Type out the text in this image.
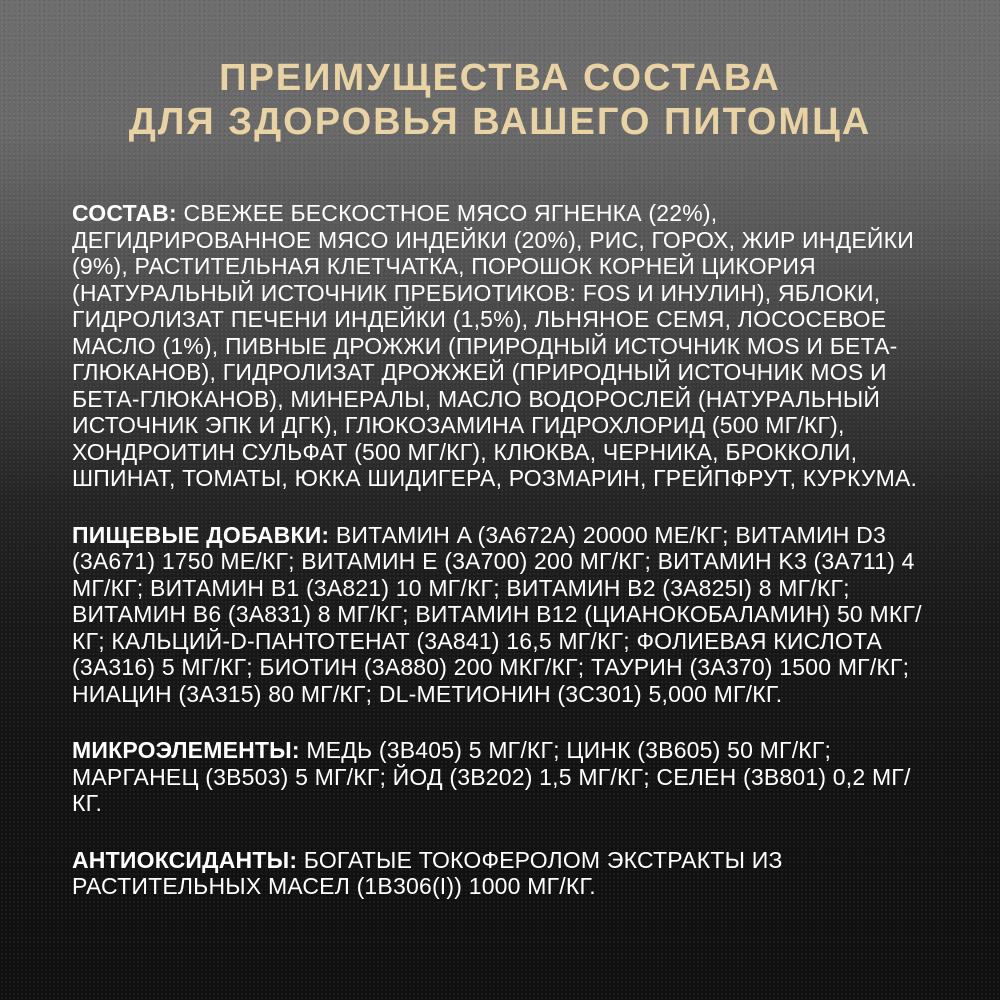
ПРЕИМУЩЕСТВА СОСТАВА
ДЛЯ ЗДОРОВЬЯ ВАШЕГО ПИТОМЦА

СОСТАВ: СВЕЖЕЕ БЕСКОСТНОЕ МЯСО ЯГНЕНКА (22%), ДЕГИДРИРОВАННОЕ МЯСО ИНДЕЙКИ (20%), РИС, ГОРОХ, ЖИР ИНДЕЙКИ (9%), РАСТИТЕЛЬНАЯ КЛЕТЧАТКА, ПОРОШОК КОРНЕЙ ЦИКОРИЯ (НАТУРАЛЬНЫЙ ИСТОЧНИК ПРЕБИОТИКОВ: FOS И ИНУЛИН), ЯБЛОКИ, ГИДРОЛИЗАТ ПЕЧЕНИ ИНДЕЙКИ (1,5%), ЛЬНЯНОЕ СЕМЯ, ЛОСОСЕВОЕ МАСЛО (1%), ПИВНЫЕ ДРОЖЖИ (ПРИРОДНЫЙ ИСТОЧНИК MOS И БЕТА-ГЛЮКАНОВ), ГИДРОЛИЗАТ ДРОЖЖЕЙ (ПРИРОДНЫЙ ИСТОЧНИК MOS И БЕТА-ГЛЮКАНОВ), МИНЕРАЛЫ, МАСЛО ВОДОРОСЛЕЙ (НАТУРАЛЬНЫЙ ИСТОЧНИК ЭПК И ДГК), ГЛЮКОЗАМИНА ГИДРОХЛОРИД (500 МГ/КГ), ХОНДРОИТИН СУЛЬФАТ (500 МГ/КГ), КЛЮКВА, ЧЕРНИКА, БРОККОЛИ, ШПИНАТ, ТОМАТЫ, ЮККА ШИДИГЕРА, РОЗМАРИН, ГРЕЙПФРУТ, КУРКУМА.

ПИЩЕВЫЕ ДОБАВКИ: ВИТАМИН A (3A672A) 20000 МЕ/КГ; ВИТАМИН D3 (3A671) 1750 МЕ/КГ; ВИТАМИН E (3A700) 200 МГ/КГ; ВИТАМИН K3 (3A711) 4 МГ/КГ; ВИТАМИН B1 (3A821) 10 МГ/КГ; ВИТАМИН B2 (3A825I) 8 МГ/КГ; ВИТАМИН B6 (3A831) 8 МГ/КГ; ВИТАМИН B12 (ЦИАНОКОБАЛАМИН) 50 МКГ/КГ; КАЛЬЦИЙ-D-ПАНТОТЕНАТ (3A841) 16,5 МГ/КГ; ФОЛИЕВАЯ КИСЛОТА (3A316) 5 МГ/КГ; БИОТИН (3A880) 200 МКГ/КГ; ТАУРИН (3A370) 1500 МГ/КГ; НИАЦИН (3A315) 80 МГ/КГ; DL-МЕТИОНИН (3C301) 5,000 МГ/КГ.

МИКРОЭЛЕМЕНТЫ: МЕДЬ (3B405) 5 МГ/КГ; ЦИНК (3B605) 50 МГ/КГ; МАРГАНЕЦ (3B503) 5 МГ/КГ; ЙОД (3B202) 1,5 МГ/КГ; СЕЛЕН (3B801) 0,2 МГ/КГ.

АНТИОКСИДАНТЫ: БОГАТЫЕ ТОКОФЕРОЛОМ ЭКСТРАКТЫ ИЗ РАСТИТЕЛЬНЫХ МАСЕЛ (1B306(I)) 1000 МГ/КГ.
